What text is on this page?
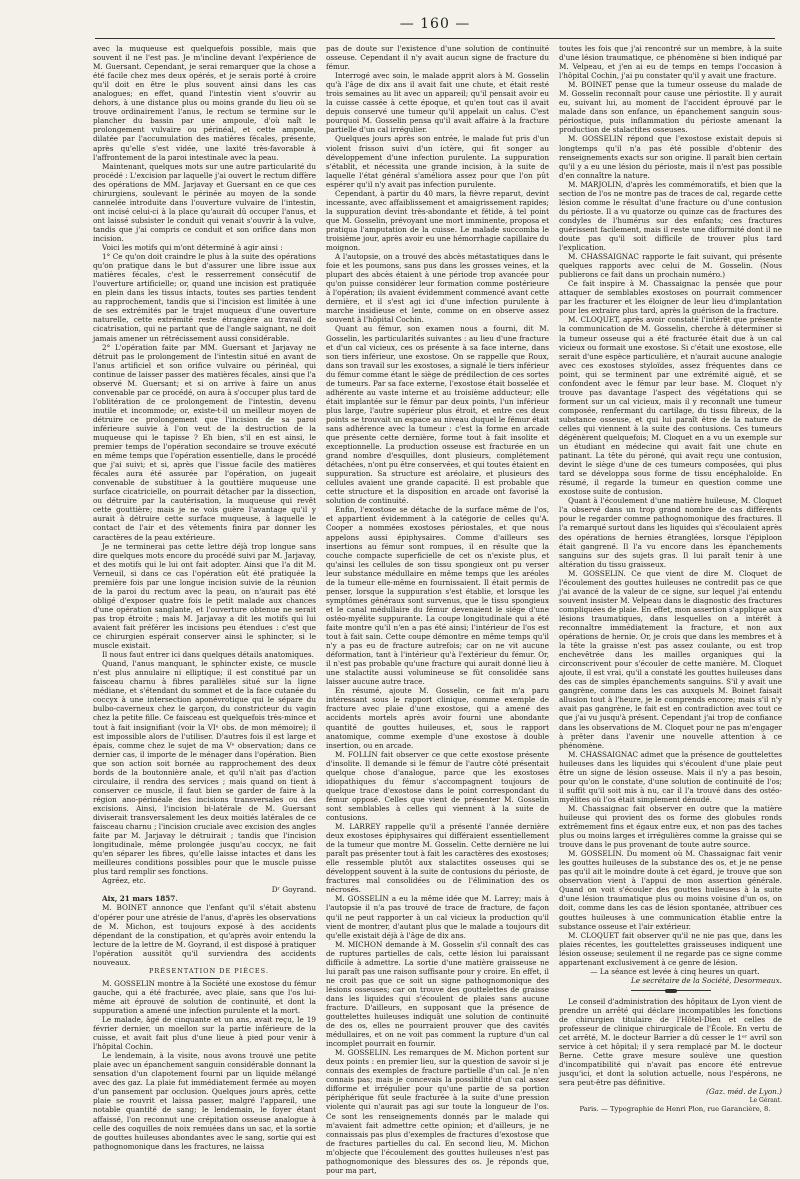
— 160 —

avec la muqueuse est quelquefois possible, mais que souvent il ne l'est pas. Je m'incline devant l'expérience de M. Guersant. Cependant, je serai remarquer que la chose a été facile chez mes deux opérés, et je serais porté à croire qu'il doit en être le plus souvent ainsi dans les cas analogues; en effet, quand l'intestin vient s'ouvrir au dehors, à une distance plus ou moins grande du lieu où se trouve ordinairement l'anus, le rectum se termine sur le plancher du bassin par une ampoule, d'où naît le prolongement vulvaire ou périnéal, et cette ampoule, dilatée par l'accumulation des matières fécales, présente, après qu'elle s'est vidée, une laxité très-favorable à l'affrontement de la paroi intestinale avec la peau.

Maintenant, quelques mots sur une autre particularité du procédé : L'excision par laquelle j'ai ouvert le rectum diffère des opérations de MM. Jarjavay et Guersant en ce que ces chirurgiens, soulevant le périnée au moyen de la sonde cannelée introduite dans l'ouverture vulvaire de l'intestin, ont incisé celui-ci à la place qu'aurait dû occuper l'anus, et ont laissé subsister le conduit qui venait s'ouvrir à la vulve, tandis que j'ai compris ce conduit et son orifice dans mon incision.

Voici les motifs qui m'ont déterminé à agir ainsi :

1° Ce qu'on doit craindre le plus à la suite des opérations qu'on pratique dans le but d'assurer une libre issue aux matières fécales, c'est le resserrement consécutif de l'ouverture artificielle; or, quand une incision est pratiquée en plein dans les tissus intacts, toutes ses parties tendent au rapprochement, tandis que si l'incision est limitée à une de ses extrémités par le trajet muqueux d'une ouverture naturelle, cette extrémité reste étrangère au travail de cicatrisation, qui ne partant que de l'angle saignant, ne doit jamais amener un rétrécissement aussi considérable.

2° L'opération faite par MM. Guersant et Jarjavay ne détruit pas le prolongement de l'intestin situé en avant de l'anus artificiel et son orifice vulvaire ou périnéal, qui continue de laisser passer des matières fécales, ainsi que l'a observé M. Guersant; et si on arrive à faire un anus convenable par ce procédé, on aura à s'occuper plus tard de l'oblitération de ce prolongement de l'intestin, devenu inutile et incommode; or, existe-t-il un meilleur moyen de détruire ce prolongement que l'incision de sa paroi inférieure suivie à l'on veut de la destruction de la muqueuse qui le tapisse ? Eh bien, s'il en est ainsi, le premier temps de l'opération secondaire se trouve exécuté en même temps que l'opération essentielle, dans le procédé que j'ai suivi; et si, après que l'issue facile des matières fécales aura été assurée par l'opération, on jugeait convenable de substituer à la gouttière muqueuse une surface cicatricielle, on pourrait détacher par la dissection, ou détruire par la cautérisation, la muqueuse qui revêt cette gouttière; mais je ne vois guère l'avantage qu'il y aurait à détruire cette surface muqueuse, à laquelle le contact de l'air et des vêtements finira par donner les caractères de la peau extérieure.

Je ne terminerai pas cette lettre déjà trop longue sans dire quelques mots encore du procédé suivi par M. Jarjavay, et des motifs qui le lui ont fait adopter. Ainsi que l'a dit M. Verneuil, si dans ce cas l'opération eût été pratiquée la première fois par une longue incision suivie de la réunion de la paroi du rectum avec la peau, on n'aurait pas été obligé d'exposer quatre fois le petit malade aux chances d'une opération sanglante, et l'ouverture obtenue ne serait pas trop étroite ; mais M. Jarjavay a dit les motifs qui lui avaient fait préférer les incisions peu étendues : c'est que ce chirurgien espérait conserver ainsi le sphincter, si le muscle existait.

Il nous faut entrer ici dans quelques détails anatomiques.

Quand, l'anus manquant, le sphincter existe, ce muscle n'est plus annulaire ni elliptique; il est constitué par un faisceau charnu à fibres parallèles situé sur la ligne médiane, et s'étendant du sommet et de la face cutanée du coccyx à une intersection aponévrotique qui le sépare du bulbo-caverneux chez le garçon, du constricteur du vagin chez la petite fille. Ce faisceau est quelquefois très-mince et tout à fait insignifiant (voir la VIᵉ obs. de mon mémoire); il est impossible alors de l'utiliser. D'autres fois il est large et épais, comme chez le sujet de ma Vᵉ observation; dans ce dernier cas, il importe de le ménager dans l'opération. Bien que son action soit bornée au rapprochement des deux bords de la boutonnière anale, et qu'il n'ait pas d'action circulaire, il rendra des services ; mais quand on tient à conserver ce muscle, il faut bien se garder de faire à la région ano-périnéale des incisions transversales ou des excisions. Ainsi, l'incision bi-latérale de M. Guersant diviserait transversalement les deux moitiés latérales de ce faisceau charnu ; l'incision cruciale avec excision des angles faite par M. Jarjavay le détruirait ; tandis que l'incision longitudinale, même prolongée jusqu'au coccyx, ne fait qu'en séparer les fibres, qu'elle laisse intactes et dans les meilleures conditions possibles pour que le muscle puisse plus tard remplir ses fonctions.

Agréez, etc.

Dʳ Goyrand.

Aix, 21 mars 1857.

M. BOINET annonce que l'enfant qu'il s'était abstenu d'opérer pour une atrésie de l'anus, d'après les observations de M. Michon, est toujours exposé à des accidents dépendant de la constipation, et qu'après avoir entendu la lecture de la lettre de M. Goyrand, il est disposé à pratiquer l'opération aussitôt qu'il surviendra des accidents nouveaux.

PRÉSENTATION DE PIÈCES.

M. GOSSELIN montre à la Société une exostose du fémur gauche, qui a été fracturée, avec plaie, sans que l'os lui-même ait éprouvé de solution de continuité, et dont la suppuration a amené une infection purulente et la mort.

Le malade, âgé de cinquante et un ans, avait reçu, le 19 février dernier, un moellon sur la partie inférieure de la cuisse, et avait fait plus d'une lieue à pied pour venir à l'hôpital Cochin.

Le lendemain, à la visite, nous avons trouvé une petite plaie avec un épanchement sanguin considérable donnant la sensation d'un clapotement fourni par un liquide mélangé avec des gaz. La plaie fut immédiatement fermée au moyen d'un pansement par occlusion. Quelques jours après, cette plaie se rouvrit et laissa passer, malgré l'appareil, une notable quantité de sang; le lendemain, le foyer étant affaissé, l'on reconnut une crépitation osseuse analogue à celle des coquilles de noix remuées dans un sac, et la sortie de gouttes huileuses abondantes avec le sang, sortie qui est pathognomonique dans les fractures, ne laissa

pas de doute sur l'existence d'une solution de continuité osseuse. Cependant il n'y avait aucun signe de fracture du fémur.

Interrogé avec soin, le malade apprit alors à M. Gosselin qu'à l'âge de dix ans il avait fait une chute, et était resté trois semaines au lit avec un appareil; qu'il pensait avoir eu la cuisse cassée à cette époque, et qu'en tout cas il avait depuis conservé une tumeur qu'il appelait un calus. C'est pourquoi M. Gosselin pensa qu'il avait affaire à la fracture partielle d'un cal irrégulier.

Quelques jours après son entrée, le malade fut pris d'un violent frisson suivi d'un ictère, qui fit songer au développement d'une infection purulente. La suppuration s'établit, et nécessita une grande incision, à la suite de laquelle l'état général s'améliora assez pour que l'on pût espérer qu'il n'y avait pas infection purulente.

Cependant, à partir du 40 mars, la fièvre reparut, devint incessante, avec affaiblissement et amaigrissement rapides; la suppuration devint très-abondante et fétide, à tel point que M. Gosselin, prévoyant une mort imminente, proposa et pratiqua l'amputation de la cuisse. Le malade succomba le troisième jour, après avoir eu une hémorrhagie capillaire du moignon.

A l'autopsie, on a trouvé des abcès métastatiques dans le foie et les poumons, sans pus dans les grosses veines, et la plupart des abcès étaient à une période trop avancée pour qu'on puisse considérer leur formation comme postérieure à l'opération; ils avaient évidemment commencé avant cette dernière, et il s'est agi ici d'une infection purulente à marche insidieuse et lente, comme on en observe assez souvent à l'hôpital Cochin.

Quant au fémur, son examen nous a fourni, dit M. Gosselin, les particularités suivantes : au lieu d'une fracture et d'un cal vicieux, ces os présente à sa face interne, dans son tiers inférieur, une exostose. On se rappelle que Roux, dans son travail sur les exostoses, a signalé le tiers inférieur du fémur comme étant le siège de prédilection de ces sortes de tumeurs. Par sa face externe, l'exostose était bosselée et adhérente au vaste interne et au troisième adducteur; elle était implantée sur le fémur par deux points, l'un inférieur plus large, l'autre supérieur plus étroit, et entre ces deux points se trouvait un espace au niveau duquel le fémur était sans adhérence avec la tumeur : c'est la forme en arcade que présente cette dernière, forme tout à fait insolite et exceptionnelle. La production osseuse est fracturée en un grand nombre d'esquilles, dont plusieurs, complétement détachées, n'ont pu être conservées, et qui toutes étaient en suppuration. Sa structure est aréolaire, et plusieurs des cellules avaient une grande capacité. Il est probable que cette structure et la disposition en arcade ont favorisé la solution de continuité.

Enfin, l'exostose se détache de la surface même de l'os, et appartient évidemment à la catégorie de celles qu'A. Cooper a nommées exostoses périostales, et que nous appelons aussi épiphysaires. Comme d'ailleurs ses insertions au fémur sont rompues, il en résulte que la couche compacte superficielle de cet os n'existe plus, et qu'ainsi les cellules de son tissu spongieux ont pu verser leur substance médullaire en même temps que les aréoles de la tumeur elle-même en fournissaient. Il était permis de penser, lorsque la suppuration s'est établie, et lorsque les symptômes généraux sont survenus, que le tissu spongieux et le canal médullaire du fémur devenaient le siége d'une ostéo-myélite suppurante. La coupe longitudinale qui a été faite montre qu'il n'en a pas été ainsi; l'intérieur de l'os est tout à fait sain. Cette coupe démontre en même temps qu'il n'y a pas eu de fracture autrefois; car on ne vit aucune déformation, tant à l'intérieur qu'à l'extérieur du fémur. Or, il n'est pas probable qu'une fracture qui aurait donné lieu à une stalactite aussi volumineuse se fût consolidée sans laisser aucune autre trace.

En résumé, ajoute M. Gosselin, ce fait m'a paru intéressant sous le rapport clinique, comme exemple de fracture avec plaie d'une exostose, qui a amené des accidents mortels après avoir fourni une abondante quantité de gouttes huileuses, et, sous le rapport anatomique, comme exemple d'une exostose à double insertion, ou en arcade.

M. FOLLIN fait observer ce que cette exostose présente d'insolite. Il demande si le fémur de l'autre côté présentait quelque chose d'analogue, parce que les exostoses idiopathiques du fémur s'accompagnent toujours de quelque trace d'exostose dans le point correspondant du fémur opposé. Celles que vient de présenter M. Gosselin sont semblables à celles qui viennent à la suite de contusions.

M. LARREY rappelle qu'il a présenté l'année dernière deux exostoses épiphysaires qui différaient essentiellement de la tumeur que montre M. Gosselin. Cette dernière ne lui paraît pas présenter tout à fait les caractères des exostoses; elle ressemble plutôt aux stalactites osseuses qui se développent souvent à la suite de contusions du périoste, de fractures mal consolidées ou de l'élimination des os nécrosés.

M. GOSSELIN a eu la même idée que M. Larrey; mais à l'autopsie il n'a pas trouvé de trace de fracture, de façon qu'il ne peut rapporter à un cal vicieux la production qu'il vient de montrer, d'autant plus que le malade a toujours dit qu'elle existait déjà à l'âge de dix ans.

M. MICHON demande à M. Gosselin s'il connaît des cas de ruptures partielles de cals, cette lésion lui paraissant difficile à admettre. La sortie d'une matière graisseuse ne lui paraît pas une raison suffisante pour y croire. En effet, il ne croit pas que ce soit un signe pathognomonique des lésions osseuses; car on trouve des gouttelettes de graisse dans les liquides qui s'écoulent de plaies sans aucune fracture. D'ailleurs, en supposant que la présence de gouttelettes huileuses indiquât une solution de continuité de des os, elles ne pourraient prouver que des cavités médullaires, et on ne voit pas comment la rupture d'un cal incomplet pourrait en fournir.

M. GOSSELIN. Les remarques de M. Michon portent sur deux points : en premier lieu, sur la question de savoir si je connais des exemples de fracture partielle d'un cal. Je n'en connais pas; mais je concevais la possibilité d'un cal assez difforme et irrégulier pour qu'une partie de sa portion périphérique fût seule fracturée à la suite d'une pression violente qui n'aurait pas agi sur toute la longueur de l'os. Ce sont les renseignements donnés par le malade qui m'avaient fait admettre cette opinion; et d'ailleurs, je ne connaissais pas plus d'exemples de fractures d'exostose que de fractures partielles du cal. En second lieu, M. Michon m'objecte que l'écoulement des gouttes huileuses n'est pas pathognomonique des blessures des os. Je réponds que, pour ma part,

toutes les fois que j'ai rencontré sur un membre, à la suite d'une lésion traumatique, ce phénomène si bien indiqué par M. Velpeau, et j'en ai eu de temps en temps l'occasion à l'hôpital Cochin, j'ai pu constater qu'il y avait une fracture.

M. BOINET pense que la tumeur osseuse du malade de M. Gosselin reconnaît pour cause une périostite. Il y aurait eu, suivant lui, au moment de l'accident éprouvé par le malade dans son enfance, un épanchement sanguin sous-périostique, puis inflammation du périoste amenant la production de stalactites osseuses.

M. GOSSELIN répond que l'exostose existait depuis si longtemps qu'il n'a pas été possible d'obtenir des renseignements exacts sur son origine. Il paraît bien certain qu'il y a eu une lésion du périoste, mais il n'est pas possible d'en connaître la nature.

M. MARJOLIN, d'après les commémoratifs, et bien que la section de l'os ne montre pas de traces de cal, regarde cette lésion comme le résultat d'une fracture ou d'une contusion du périoste. Il a vu quatorze ou quinze cas de fractures des condyles de l'humérus sur des enfants; ces fractures guérissent facilement, mais il reste une difformité dont il ne doute pas qu'il soit difficile de trouver plus tard l'explication.

M. CHASSAIGNAC rapporte le fait suivant, qui présente quelques rapports avec celui de M. Gosselin. (Nous publierons ce fait dans un prochain numéro.)

Ce fait inspire à M. Chassaignac la pensée que pour attaquer de semblables exostoses on pourrait commencer par les fracturer et les éloigner de leur lieu d'implantation pour les extraire plus tard, après la guérison de la fracture.

M. CLOQUET, après avoir constaté l'intérêt que présente la communication de M. Gosselin, cherche à déterminer si la tumeur osseuse qui a été fracturée était due à un cal vicieux ou formait une exostose. Si c'était une exostose, elle serait d'une espèce particulière, et n'aurait aucune analogie avec ces exostoses styloïdes, assez fréquentes dans ce point, qui se terminent par une extrémité aiguë, et se confondent avec le fémur par leur base. M. Cloquet n'y trouve pas davantage l'aspect des végétations qui se forment sur un cal vicieux, mais il y reconnaît une tumeur composée, renfermant du cartilage, du tissu fibreux, de la substance osseuse, et qui lui paraît être de la nature de celles qui viennent à la suite des contusions. Ces tumeurs dégénèrent quelquefois; M. Cloquet en a vu un exemple sur un étudiant en médecine qui avait fait une chute en patinant. La tête du péroné, qui avait reçu une contusion, devint le siège d'une de ces tumeurs composées, qui plus tard se développa sous forme de tissu encéphaloïde. En résumé, il regarde la tumeur en question comme une exostose suite de contusion.

Quant à l'écoulement d'une matière huileuse, M. Cloquet l'a observé dans un trop grand nombre de cas différents pour le regarder comme pathognomonique des fractures. Il l'a remarqué surtout dans les liquides qui s'écoulaient après des opérations de hernies étranglées, lorsque l'épiploon était gangrené. Il l'a vu encore dans les épanchements sanguins sur des sujets gras. Il lui paraît tenir à une altération du tissu graisseux.

M. GOSSELIN. Ce que vient de dire M. Cloquet de l'écoulement des gouttes huileuses ne contredit pas ce que j'ai avancé de la valeur de ce signe, sur lequel j'ai entendu souvent insister M. Velpeau dans le diagnostic des fractures compliquées de plaie. En effet, mon assertion s'applique aux lésions traumatiques, dans lesquelles on a intérêt à reconnaître immédiatement la fracture, et non aux opérations de hernie. Or, je crois que dans les membres et à la tête la graisse n'est pas assez coulante, ou est trop enchevêtrée dans les mailles organiques qui la circonscrivent pour s'écouler de cette manière. M. Cloquet ajoute, il est vrai, qu'il a constaté les gouttes huileuses dans des cas de simples épanchements sanguins. S'il y avait une gangrène, comme dans les cas auxquels M. Boinet faisait allusion tout à l'heure, je le comprends encore; mais s'il n'y avait pas gangrène, le fait est en contradiction avec tout ce que j'ai vu jusqu'à présent. Cependant j'ai trop de confiance dans les observations de M. Cloquet pour ne pas m'engager à prêter dans l'avenir une nouvelle attention à ce phénomène.

M. CHASSAIGNAC admet que la présence de gouttelettes huileuses dans les liquides qui s'écoulent d'une plaie peut être un signe de lésion osseuse. Mais il n'y a pas besoin, pour qu'on le constate, d'une solution de continuité de l'os; il suffit qu'il soit mis à nu, car il l'a trouvé dans des ostéo-myélites où l'os était simplement dénudé.

M. Chassaignac fait observer en outre que la matière huileuse qui provient des os forme des globules ronds extrêmement fins et égaux entre eux, et non pas des taches plus ou moins larges et irrégulières comme la graisse qui se trouve dans le pus provenant de toute autre source.

M. GOSSELIN. Du moment où M. Chassaignac fait venir les gouttes huileuses de la substance des os, et je ne pense pas qu'il ait le moindre doute à cet égard, je trouve que son observation vient à l'appui de mon assertion générale. Quand on voit s'écouler des gouttes huileuses à la suite d'une lésion traumatique plus ou moins voisine d'un os, on doit, comme dans les cas de lésion spontanée, attribuer ces gouttes huileuses à une communication établie entre la substance osseuse et l'air extérieur.

M. CLOQUET fait observer qu'il ne nie pas que, dans les plaies récentes, les gouttelettes graisseuses indiquent une lésion osseuse; seulement il ne regarde pas ce signe comme appartenant exclusivement à ce genre de lésion.

— La séance est levée à cinq heures un quart.

Le secrétaire de la Société, Desormeaux.

Le conseil d'administration des hôpitaux de Lyon vient de prendre un arrêté qui déclare incompatibles les fonctions de chirurgien titulaire de l'Hôtel-Dieu et celles de professeur de clinique chirurgicale de l'École. En vertu de cet arrêté, M. le docteur Barrier a dû cesser le 1ᵉʳ avril son service à cet hôpital; il y sera remplacé par M. le docteur Berne. Cette grave mesure soulève une question d'incompatibilité qui n'avait pas encore été entrevue jusqu'ici, et dont la solution actuelle, nous l'espérons, ne sera peut-être pas définitive.

(Gaz. méd. de Lyon.)

Le Gérant.

Paris. — Typographie de Henri Plon, rue Garancière, 8.
